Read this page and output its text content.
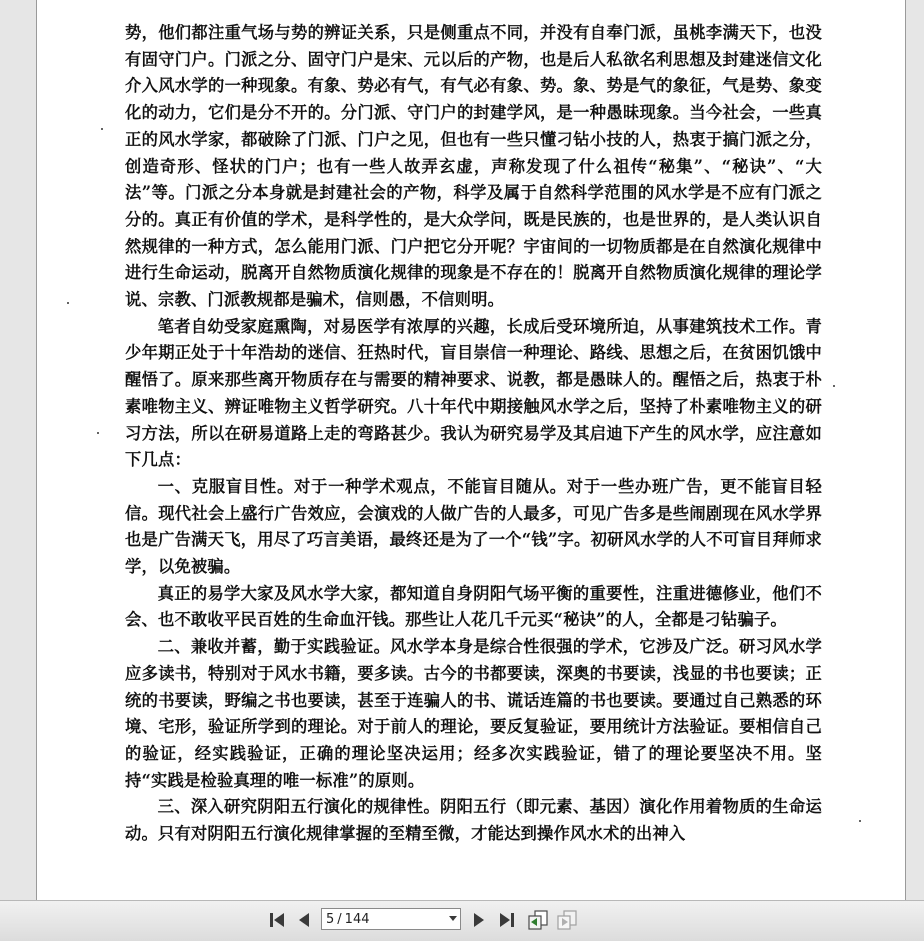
势，他们都注重气场与势的辨证关系，只是侧重点不同，并没有自奉门派，虽桃李满天下，也没有固守门户。门派之分、固守门户是宋、元以后的产物，也是后人私欲名利思想及封建迷信文化介入风水学的一种现象。有象、势必有气，有气必有象、势。象、势是气的象征，气是势、象变化的动力，它们是分不开的。分门派、守门户的封建学风，是一种愚昧现象。当今社会，一些真正的风水学家，都破除了门派、门户之见，但也有一些只懂刁钻小技的人，热衷于搞门派之分，创造奇形、怪状的门户；也有一些人故弄玄虚，声称发现了什么祖传“秘集”、“秘诀”、“大法”等。门派之分本身就是封建社会的产物，科学及属于自然科学范围的风水学是不应有门派之分的。真正有价值的学术，是科学性的，是大众学问，既是民族的，也是世界的，是人类认识自然规律的一种方式，怎么能用门派、门户把它分开呢？宇宙间的一切物质都是在自然演化规律中进行生命运动，脱离开自然物质演化规律的现象是不存在的！脱离开自然物质演化规律的理论学说、宗教、门派教规都是骗术，信则愚，不信则明。

笔者自幼受家庭熏陶，对易医学有浓厚的兴趣，长成后受环境所迫，从事建筑技术工作。青少年期正处于十年浩劫的迷信、狂热时代，盲目崇信一种理论、路线、思想之后，在贫困饥饿中醒悟了。原来那些离开物质存在与需要的精神要求、说教，都是愚昧人的。醒悟之后，热衷于朴素唯物主义、辨证唯物主义哲学研究。八十年代中期接触风水学之后，坚持了朴素唯物主义的研习方法，所以在研易道路上走的弯路甚少。我认为研究易学及其启迪下产生的风水学，应注意如下几点：

一、克服盲目性。对于一种学术观点，不能盲目随从。对于一些办班广告，更不能盲目轻信。现代社会上盛行广告效应，会演戏的人做广告的人最多，可见广告多是些闹剧现在风水学界也是广告满天飞，用尽了巧言美语，最终还是为了一个“钱”字。初研风水学的人不可盲目拜师求学，以免被骗。

真正的易学大家及风水学大家，都知道自身阴阳气场平衡的重要性，注重进德修业，他们不会、也不敢收平民百姓的生命血汗钱。那些让人花几千元买“秘诀”的人，全都是刁钻骗子。

二、兼收并蓄，勤于实践验证。风水学本身是综合性很强的学术，它涉及广泛。研习风水学应多读书，特别对于风水书籍，要多读。古今的书都要读，深奥的书要读，浅显的书也要读；正统的书要读，野编之书也要读，甚至于连骗人的书、谎话连篇的书也要读。要通过自己熟悉的环境、宅形，验证所学到的理论。对于前人的理论，要反复验证，要用统计方法验证。要相信自己的验证，经实践验证，正确的理论坚决运用；经多次实践验证，错了的理论要坚决不用。坚持“实践是检验真理的唯一标准”的原则。

三、深入研究阴阳五行演化的规律性。阴阳五行（即元素、基因）演化作用着物质的生命运动。只有对阴阳五行演化规律掌握的至精至微，才能达到操作风水术的出神入

5 / 144
